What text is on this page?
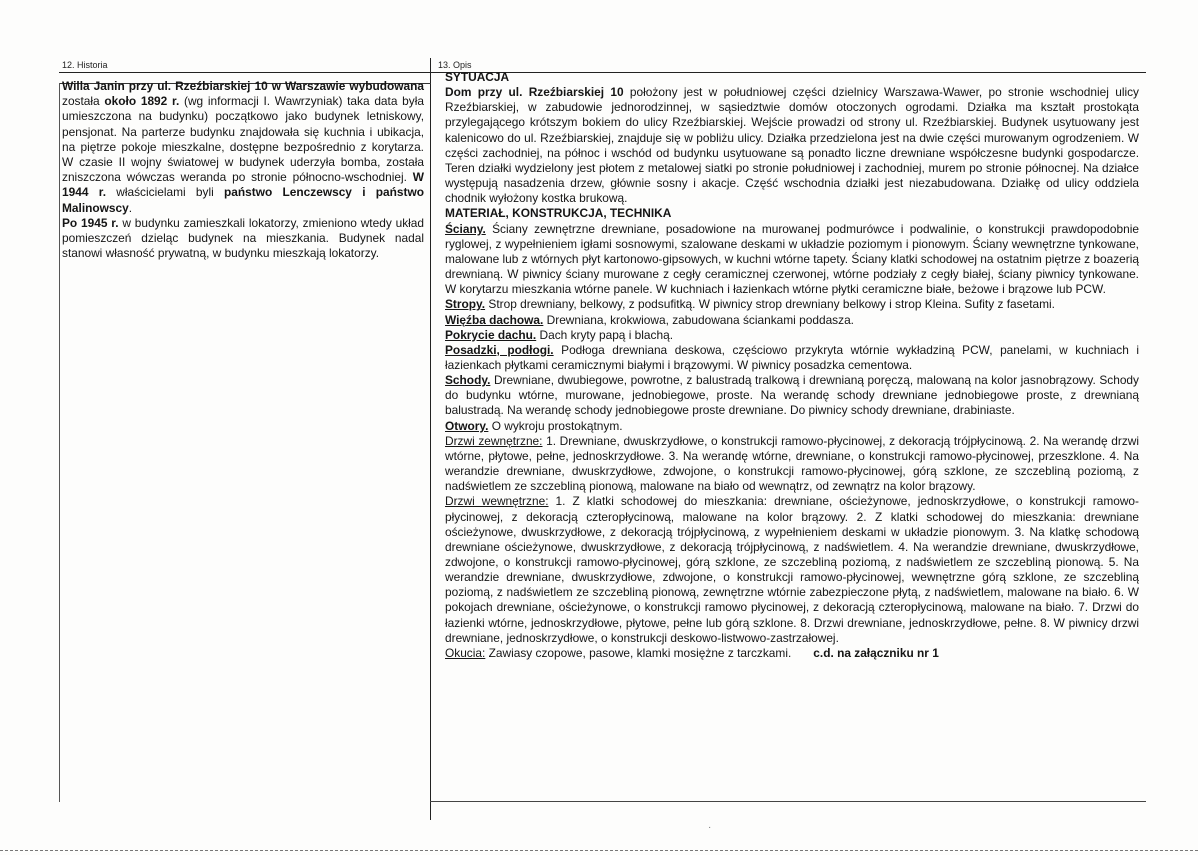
12. Historia	13. Opis

Willa Janin przy ul. Rzeźbiarskiej 10 w Warszawie wybudowana została około 1892 r. (wg informacji I. Wawrzyniak) taka data była umieszczona na budynku) początkowo jako budynek letniskowy, pensjonat. Na parterze budynku znajdowała się kuchnia i ubikacja, na piętrze pokoje mieszkalne, dostępne bezpośrednio z korytarza. W czasie II wojny światowej w budynek uderzyła bomba, została zniszczona wówczas weranda po stronie północno-wschodniej. W 1944 r. właścicielami byli państwo Lenczewscy i państwo Malinowscy.

Po 1945 r. w budynku zamieszkali lokatorzy, zmieniono wtedy układ pomieszczeń dzieląc budynek na mieszkania. Budynek nadal stanowi własność prywatną, w budynku mieszkają lokatorzy.

SYTUACJA

Dom przy ul. Rzeźbiarskiej 10 położony jest w południowej części dzielnicy Warszawa-Wawer, po stronie wschodniej ulicy Rzeźbiarskiej, w zabudowie jednorodzinnej, w sąsiedztwie domów otoczonych ogrodami. Działka ma kształt prostokąta przylegającego krótszym bokiem do ulicy Rzeźbiarskiej. Wejście prowadzi od strony ul. Rzeźbiarskiej. Budynek usytuowany jest kalenicowo do ul. Rzeźbiarskiej, znajduje się w pobliżu ulicy. Działka przedzielona jest na dwie części murowanym ogrodzeniem. W części zachodniej, na północ i wschód od budynku usytuowane są ponadto liczne drewniane współczesne budynki gospodarcze. Teren działki wydzielony jest płotem z metalowej siatki po stronie południowej i zachodniej, murem po stronie północnej. Na działce występują nasadzenia drzew, głównie sosny i akacje. Część wschodnia działki jest niezabudowana. Działkę od ulicy oddziela chodnik wyłożony kostka brukową.

MATERIAŁ, KONSTRUKCJA, TECHNIKA

Ściany. Ściany zewnętrzne drewniane, posadowione na murowanej podmurówce i podwalinie, o konstrukcji prawdopodobnie ryglowej, z wypełnieniem igłami sosnowymi, szalowane deskami w układzie poziomym i pionowym. Ściany wewnętrzne tynkowane, malowane lub z wtórnych płyt kartonowo-gipsowych, w kuchni wtórne tapety. Ściany klatki schodowej na ostatnim piętrze z boazerią drewnianą. W piwnicy ściany murowane z cegły ceramicznej czerwonej, wtórne podziały z cegły białej, ściany piwnicy tynkowane. W korytarzu mieszkania wtórne panele. W kuchniach i łazienkach wtórne płytki ceramiczne białe, beżowe i brązowe lub PCW.

Stropy. Strop drewniany, belkowy, z podsufitką. W piwnicy strop drewniany belkowy i strop Kleina. Sufity z fasetami.

Więźba dachowa. Drewniana, krokwiowa, zabudowana ściankami poddasza.

Pokrycie dachu. Dach kryty papą i blachą.

Posadzki, podłogi. Podłoga drewniana deskowa, częściowo przykryta wtórnie wykładziną PCW, panelami, w kuchniach i łazienkach płytkami ceramicznymi białymi i brązowymi. W piwnicy posadzka cementowa.

Schody. Drewniane, dwubiegowe, powrotne, z balustradą tralkową i drewnianą poręczą, malowaną na kolor jasnobrązowy. Schody do budynku wtórne, murowane, jednobiegowe, proste. Na werandę schody drewniane jednobiegowe proste, z drewnianą balustradą. Na werandę schody jednobiegowe proste drewniane. Do piwnicy schody drewniane, drabiniaste.

Otwory. O wykroju prostokątnym.

Drzwi zewnętrzne: 1. Drewniane, dwuskrzydłowe, o konstrukcji ramowo-płycinowej, z dekoracją trójpłycinową. 2. Na werandę drzwi wtórne, płytowe, pełne, jednoskrzydłowe. 3. Na werandę wtórne, drewniane, o konstrukcji ramowo-płycinowej, przeszklone. 4. Na werandzie drewniane, dwuskrzydłowe, zdwojone, o konstrukcji ramowo-płycinowej, górą szklone, ze szczebliną poziomą, z nadświetlem ze szczebliną pionową, malowane na biało od wewnątrz, od zewnątrz na kolor brązowy.

Drzwi wewnętrzne: 1. Z klatki schodowej do mieszkania: drewniane, ościeżynowe, jednoskrzydłowe, o konstrukcji ramowo-płycinowej, z dekoracją czteropłycinową, malowane na kolor brązowy. 2. Z klatki schodowej do mieszkania: drewniane ościeżynowe, dwuskrzydłowe, z dekoracją trójpłycinową, z wypełnieniem deskami w układzie pionowym. 3. Na klatkę schodową drewniane ościeżynowe, dwuskrzydłowe, z dekoracją trójpłycinową, z nadświetlem. 4. Na werandzie drewniane, dwuskrzydłowe, zdwojone, o konstrukcji ramowo-płycinowej, górą szklone, ze szczebliną poziomą, z nadświetlem ze szczebliną pionową. 5. Na werandzie drewniane, dwuskrzydłowe, zdwojone, o konstrukcji ramowo-płycinowej, wewnętrzne górą szklone, ze szczebliną poziomą, z nadświetlem ze szczebliną pionową, zewnętrzne wtórnie zabezpieczone płytą, z nadświetlem, malowane na biało. 6. W pokojach drewniane, ościeżynowe, o konstrukcji ramowo płycinowej, z dekoracją czteropłycinową, malowane na biało. 7. Drzwi do łazienki wtórne, jednoskrzydłowe, płytowe, pełne lub górą szklone. 8. Drzwi drewniane, jednoskrzydłowe, pełne. 8. W piwnicy drzwi drewniane, jednoskrzydłowe, o konstrukcji deskowo-listwowo-zastrzałowej.

Okucia: Zawiasy czopowe, pasowe, klamki mosiężne z tarczkami. c.d. na załączniku nr 1

·
